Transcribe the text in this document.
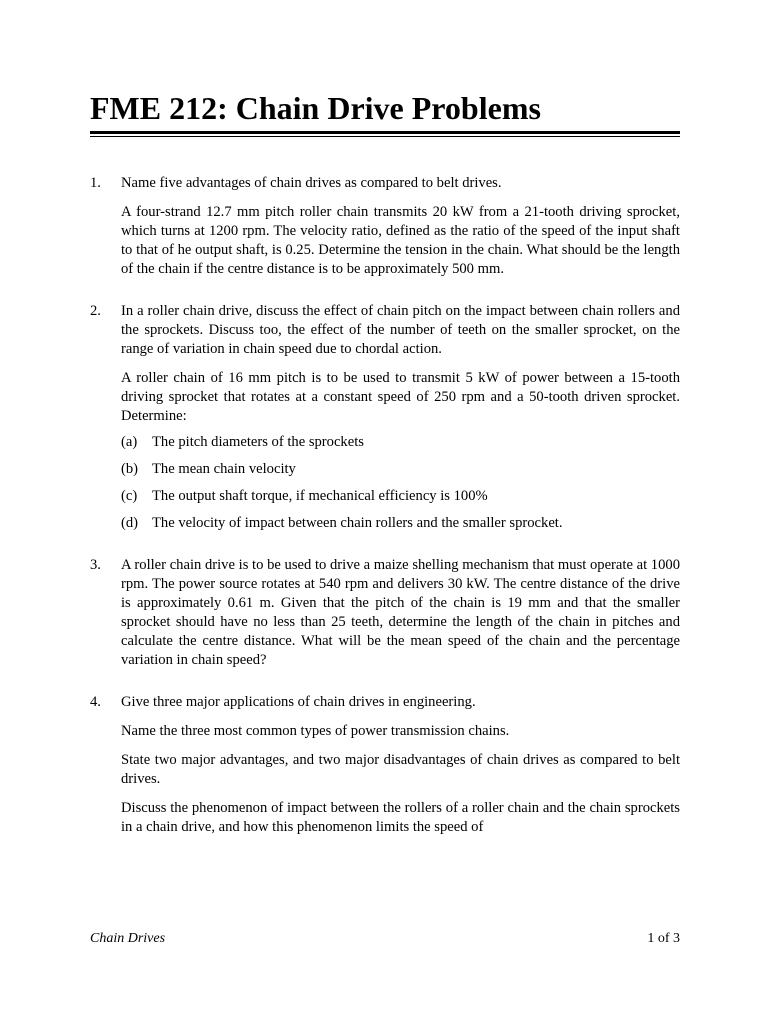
FME 212: Chain Drive Problems
1. Name five advantages of chain drives as compared to belt drives.

A four-strand 12.7 mm pitch roller chain transmits 20 kW from a 21-tooth driving sprocket, which turns at 1200 rpm. The velocity ratio, defined as the ratio of the speed of the input shaft to that of he output shaft, is 0.25. Determine the tension in the chain. What should be the length of the chain if the centre distance is to be approximately 500 mm.

2. In a roller chain drive, discuss the effect of chain pitch on the impact between chain rollers and the sprockets. Discuss too, the effect of the number of teeth on the smaller sprocket, on the range of variation in chain speed due to chordal action.

A roller chain of 16 mm pitch is to be used to transmit 5 kW of power between a 15-tooth driving sprocket that rotates at a constant speed of 250 rpm and a 50-tooth driven sprocket. Determine:

(a) The pitch diameters of the sprockets
(b) The mean chain velocity
(c) The output shaft torque, if mechanical efficiency is 100%
(d) The velocity of impact between chain rollers and the smaller sprocket.
3. A roller chain drive is to be used to drive a maize shelling mechanism that must operate at 1000 rpm. The power source rotates at 540 rpm and delivers 30 kW. The centre distance of the drive is approximately 0.61 m. Given that the pitch of the chain is 19 mm and that the smaller sprocket should have no less than 25 teeth, determine the length of the chain in pitches and calculate the centre distance. What will be the mean speed of the chain and the percentage variation in chain speed?

4. Give three major applications of chain drives in engineering.

Name the three most common types of power transmission chains.

State two major advantages, and two major disadvantages of chain drives as compared to belt drives.

Discuss the phenomenon of impact between the rollers of a roller chain and the chain sprockets in a chain drive, and how this phenomenon limits the speed of

Chain Drives	1 of 3
